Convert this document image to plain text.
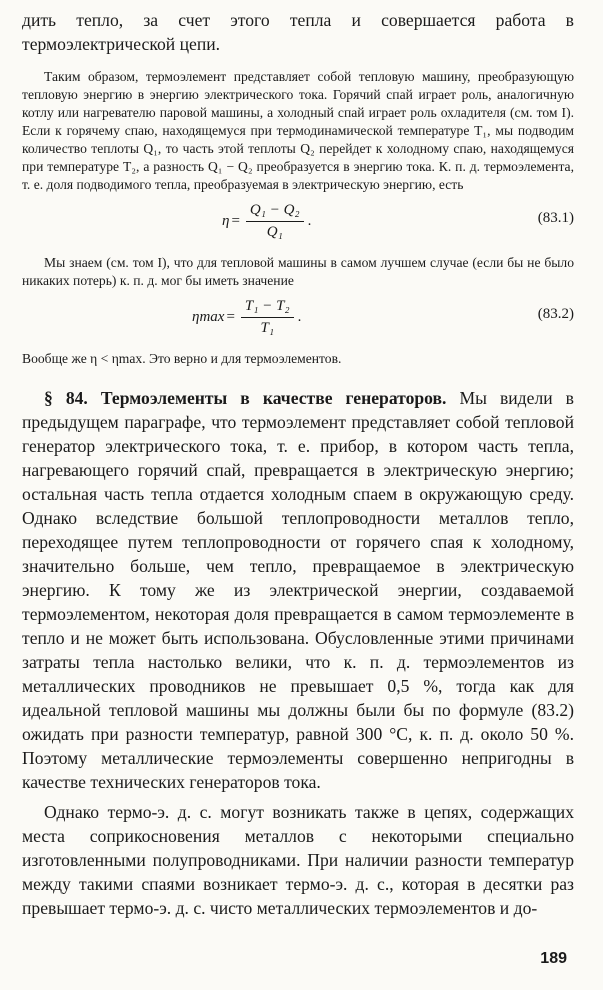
дить тепло, за счет этого тепла и совершается работа в термоэлектрической цепи.

Таким образом, термоэлемент представляет собой тепловую машину, преобразующую тепловую энергию в энергию электрического тока. Горячий спай играет роль, аналогичную котлу или нагревателю паровой машины, а холодный спай играет роль охладителя (см. том I). Если к горячему спаю, находящемуся при термодинамической температуре T₁, мы подводим количество теплоты Q₁, то часть этой теплоты Q₂ перейдет к холодному спаю, находящемуся при температуре T₂, а разность Q₁ − Q₂ преобразуется в энергию тока. К. п. д. термоэлемента, т. е. доля подводимого тепла, преобразуемая в электрическую энергию, есть

$\eta = \frac{\text{Q₁ − Q₂}}{\text{Q₁}}$ .	(83.1)

Мы знаем (см. том I), что для тепловой машины в самом лучшем случае (если бы не было никаких потерь) к. п. д. мог бы иметь значение

$\eta\max = \frac{\text{T₁ − T₂}}{\text{T₁}}$ .	(83.2)

Вообще же η < ηmax. Это верно и для термоэлементов.

§ 84. Термоэлементы в качестве генераторов. Мы видели в предыдущем параграфе, что термоэлемент представляет собой тепловой генератор электрического тока, т. е. прибор, в котором часть тепла, нагревающего горячий спай, превращается в электрическую энергию; остальная часть тепла отдается холодным спаем в окружающую среду. Однако вследствие большой теплопроводности металлов тепло, переходящее путем теплопроводности от горячего спая к холодному, значительно больше, чем тепло, превращаемое в электрическую энергию. К тому же из электрической энергии, создаваемой термоэлементом, некоторая доля превращается в самом термоэлементе в тепло и не может быть использована. Обусловленные этими причинами затраты тепла настолько велики, что к. п. д. термоэлементов из металлических проводников не превышает 0,5 %, тогда как для идеальной тепловой машины мы должны были бы по формуле (83.2) ожидать при разности температур, равной 300 °С, к. п. д. около 50 %. Поэтому металлические термоэлементы совершенно непригодны в качестве технических генераторов тока.

Однако термо-э. д. с. могут возникать также в цепях, содержащих места соприкосновения металлов с некоторыми специально изготовленными полупроводниками. При наличии разности температур между такими спаями возникает термо-э. д. с., которая в десятки раз превышает термо-э. д. с. чисто металлических термоэлементов и до-

189
